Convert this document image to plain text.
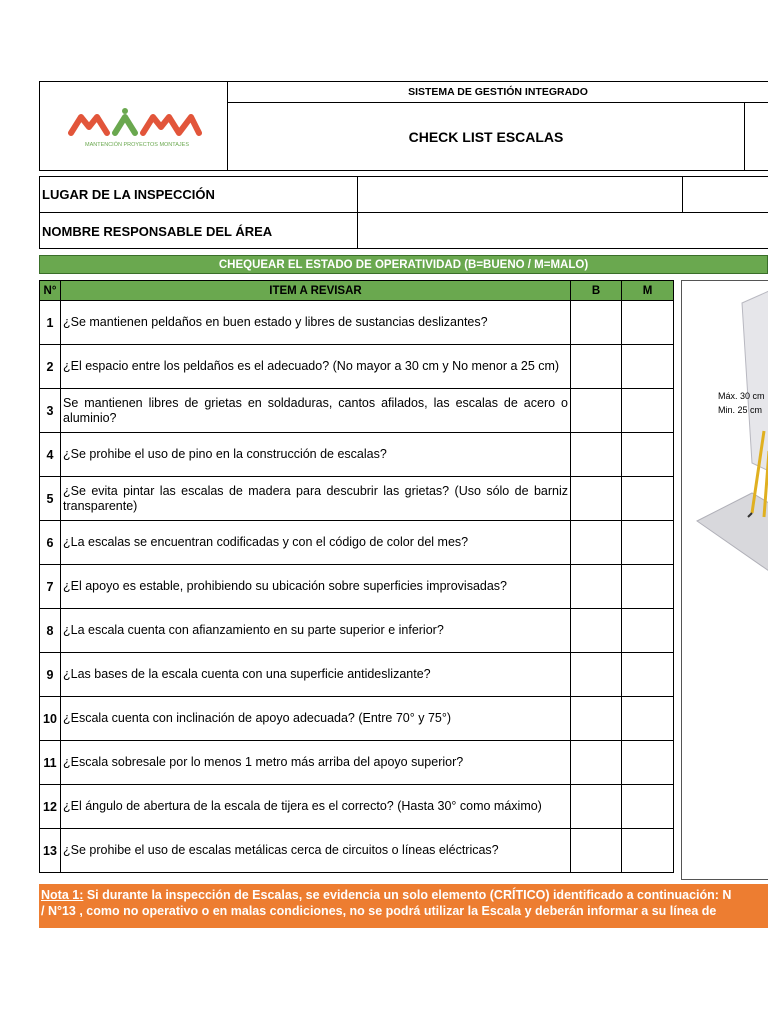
MANTENCIÓN PROYECTOS MONTAJES
SISTEMA DE GESTIÓN INTEGRADO
CHECK LIST ESCALAS
LUGAR DE LA INSPECCIÓN
NOMBRE RESPONSABLE DEL ÁREA
CHEQUEAR EL ESTADO DE OPERATIVIDAD (B=BUENO / M=MALO)
N°	ITEM A REVISAR	B	M
1	¿Se mantienen peldaños en buen estado y libres de sustancias deslizantes?		
2	¿El espacio entre los peldaños es el adecuado? (No mayor a 30 cm y No menor a 25 cm)		
3	Se mantienen libres de grietas en soldaduras, cantos afilados, las escalas de acero o aluminio?		
4	¿Se prohibe el uso de pino en la construcción de escalas?		
5	¿Se evita pintar las escalas de madera para descubrir las grietas? (Uso sólo de barniz transparente)		
6	¿La escalas se encuentran codificadas y con el código de color del mes?		
7	¿El apoyo es estable, prohibiendo su ubicación sobre superficies improvisadas?		
8	¿La escala cuenta con afianzamiento en su parte superior e inferior?		
9	¿Las bases de la escala cuenta con una superficie antideslizante?		
10	¿Escala cuenta con inclinación de apoyo adecuada? (Entre 70° y 75°)		
11	¿Escala sobresale por lo menos 1 metro más arriba del apoyo superior?		
12	¿El ángulo de abertura de la escala de tijera es el correcto? (Hasta 30° como máximo)		
13	¿Se prohibe el uso de escalas metálicas cerca de circuitos o líneas eléctricas?		
Máx. 30 cm
Min. 25 cm
Nota 1: Si durante la inspección de Escalas, se evidencia un solo elemento (CRÍTICO) identificado a continuación: N
/ N°13 , como no operativo o en malas condiciones, no se podrá utilizar la Escala y deberán informar a su línea de
